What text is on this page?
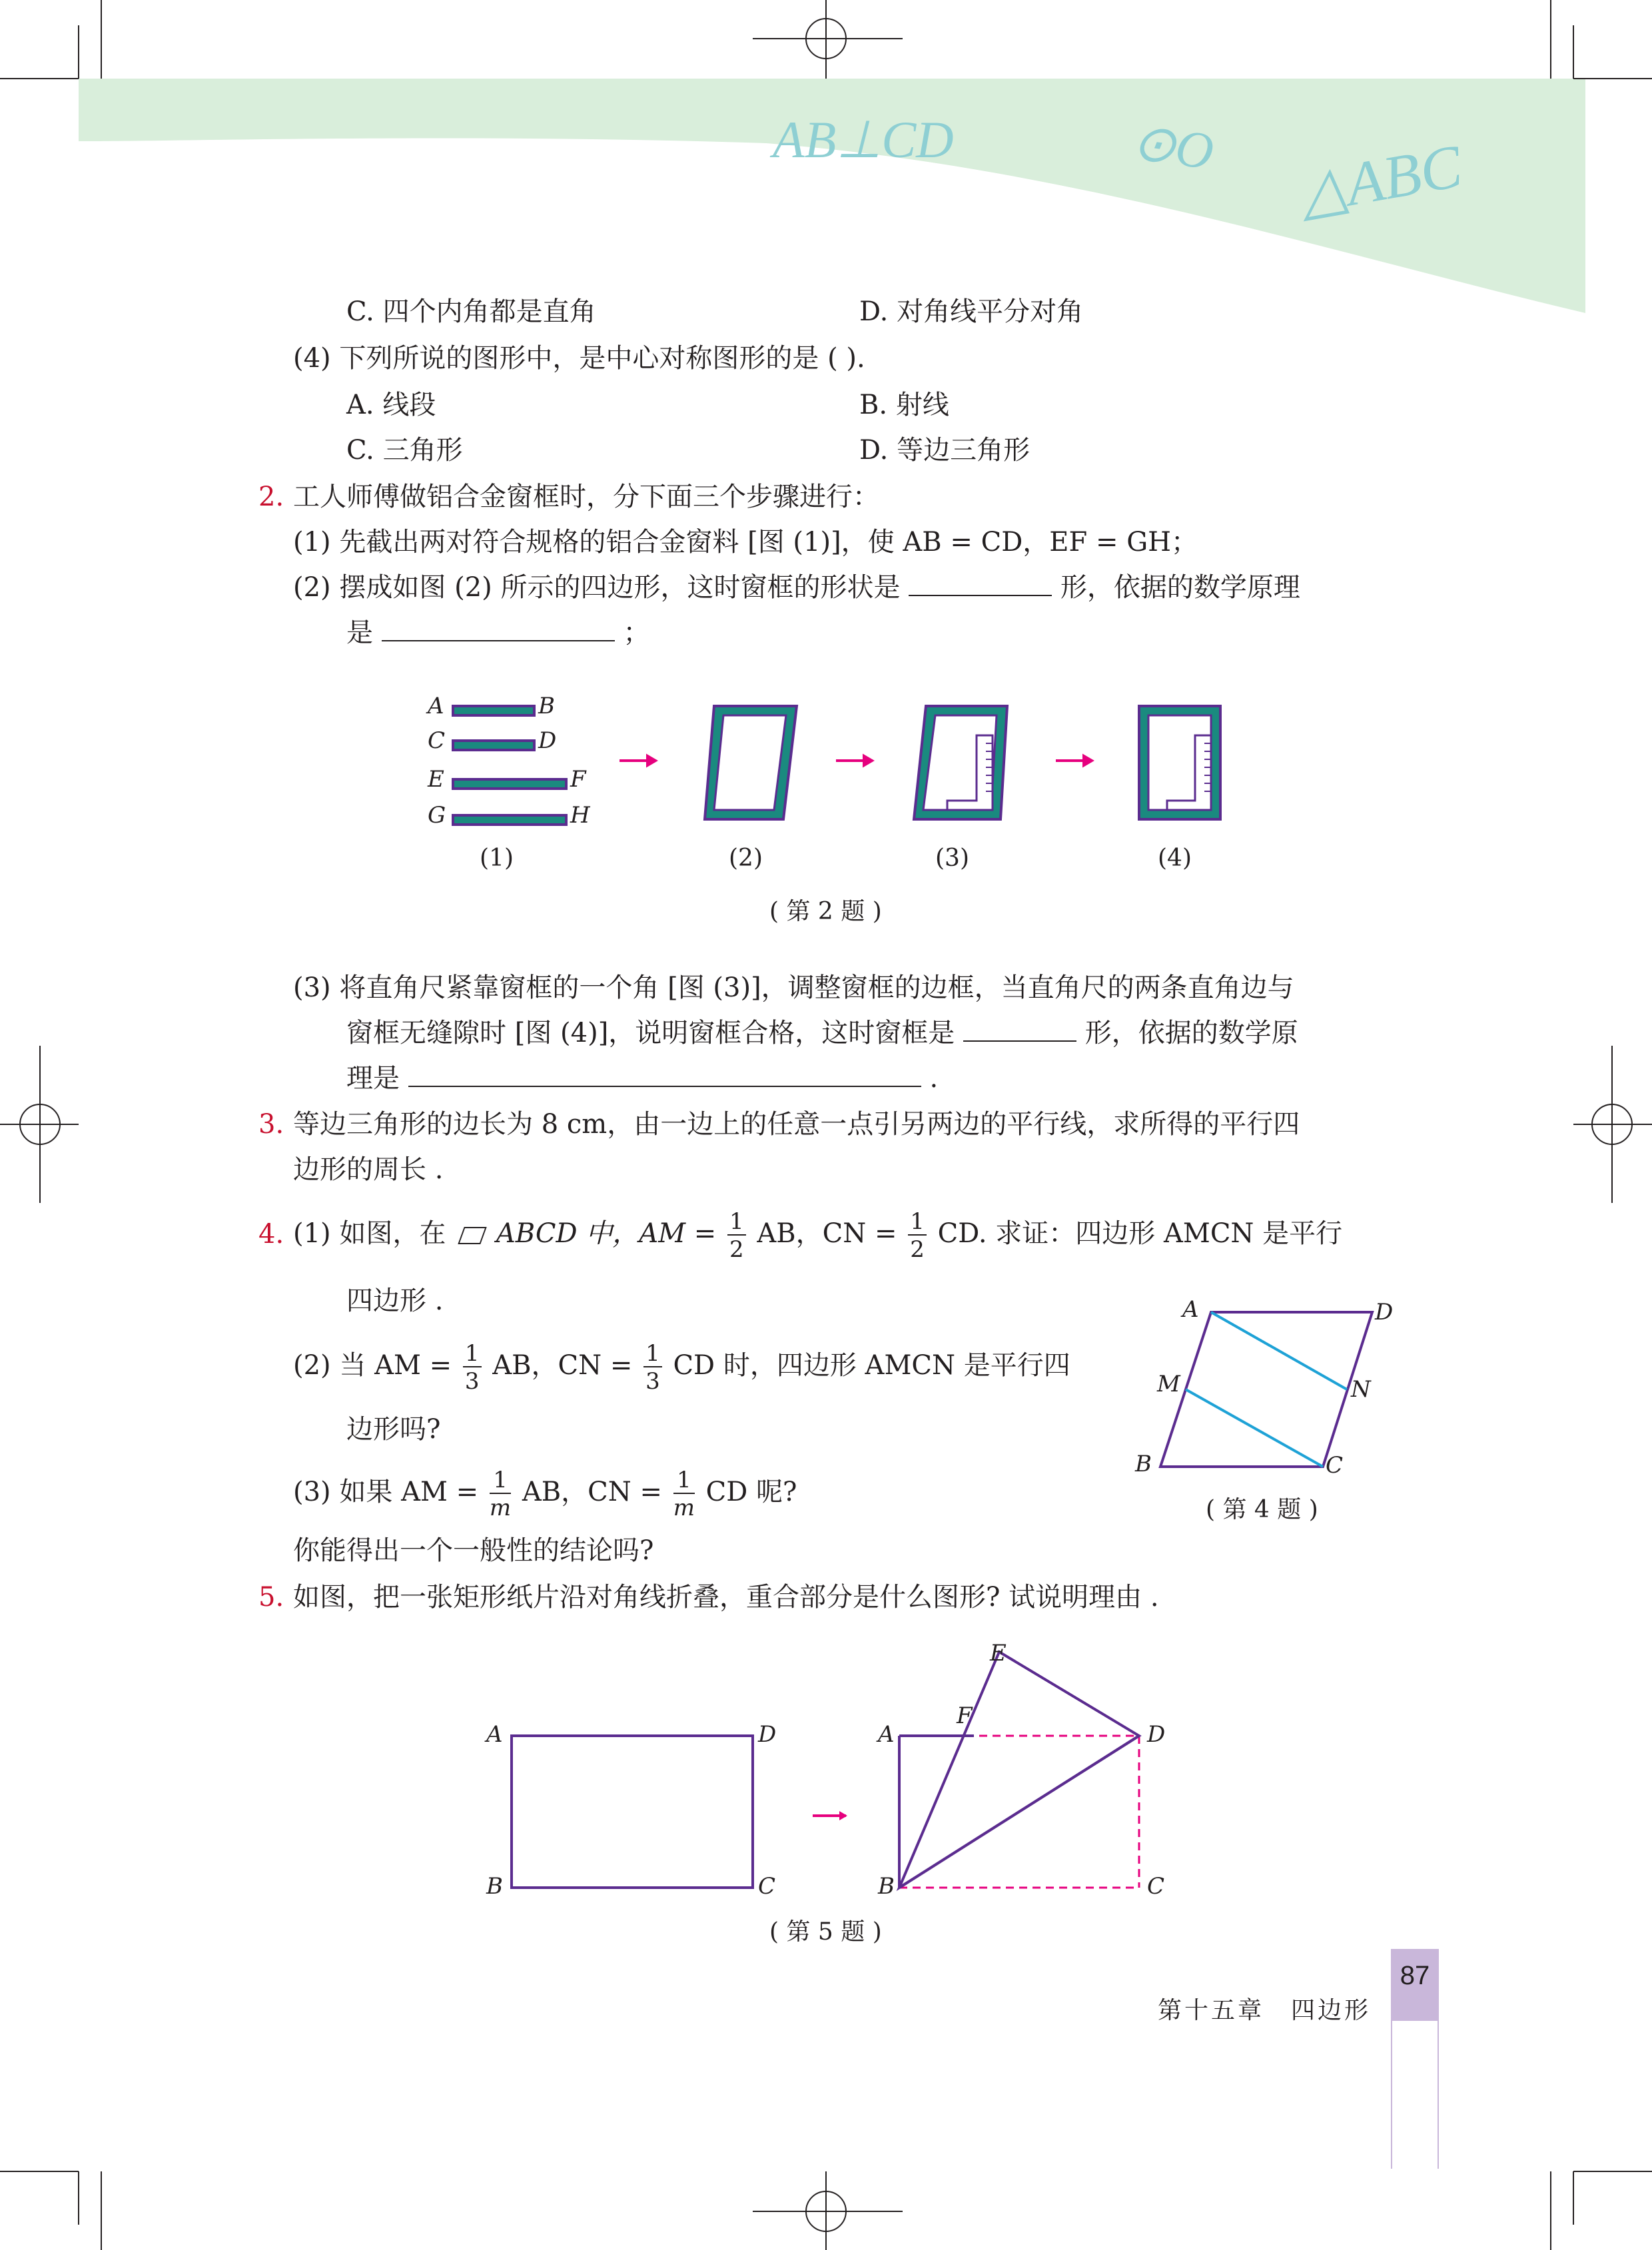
AB⊥CD	⊙O △ABC
C. 四个内角都是直角	D. 对角线平分对角
(4) 下列所说的图形中，是中心对称图形的是 ( ).
A. 线段	B. 射线
C. 三角形	D. 等边三角形
2. 工人师傅做铝合金窗框时，分下面三个步骤进行：
(1) 先截出两对符合规格的铝合金窗料 [图 (1)]，使 AB = CD，EF = GH；
(2) 摆成如图 (2) 所示的四边形，这时窗框的形状是	形，依据的数学原理
是	；
A
C
E
G
B
D
F
H
(1)	(2)	(3)	(4)
( 第 2 题 )
(3) 将直角尺紧靠窗框的一个角 [图 (3)]，调整窗框的边框，当直角尺的两条直角边与
窗框无缝隙时 [图 (4)]，说明窗框合格，这时窗框是	形，依据的数学原
理是	.
3. 等边三角形的边长为 8 cm，由一边上的任意一点引另两边的平行线，求所得的平行四
边形的周长 .
4. (1) 如图，在 ABCD 中，AM = $\frac{1}{2}$ AB，CN = $\frac{1}{2}$ CD. 求证：四边形 AMCN 是平行
四边形 .
(2) 当 AM = $\frac{1}{3}$ AB，CN = $\frac{1}{3}$ CD 时，四边形 AMCN 是平行四
边形吗?
(3) 如果 AM = $\frac{1}{m}$ AB，CN = $\frac{1}{m}$ CD 呢?
你能得出一个一般性的结论吗?
A	D
M	N
B	C
( 第 4 题 )
5. 如图，把一张矩形纸片沿对角线折叠，重合部分是什么图形? 试说明理由 .
A	D
B	C
E
F
A	D
B	C
( 第 5 题 )
第十五章　四边形
87
